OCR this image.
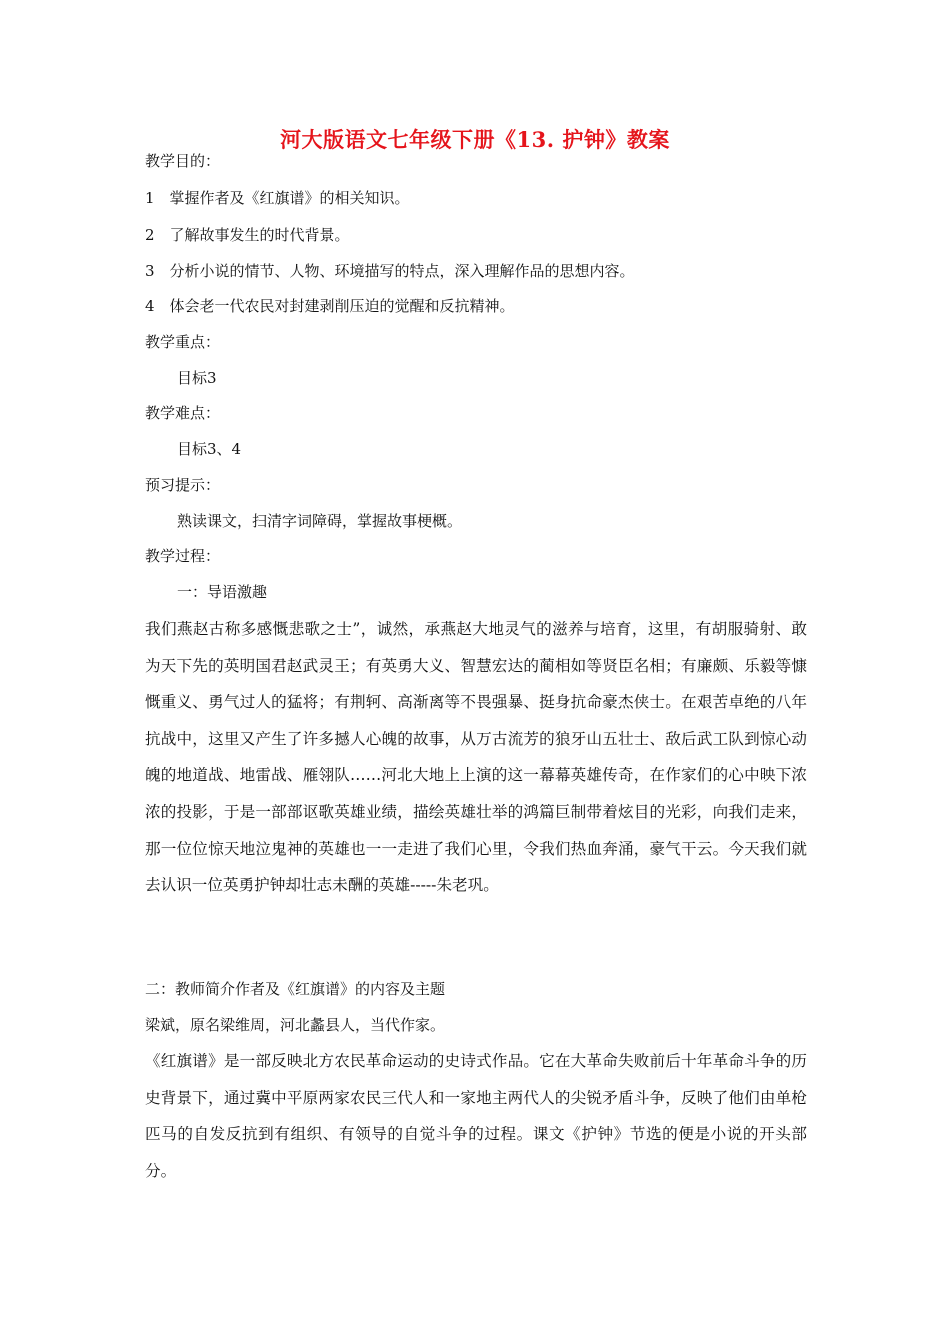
河大版语文七年级下册《13. 护钟》教案
教学目的：
1　掌握作者及《红旗谱》的相关知识。
2　了解故事发生的时代背景。
3　分析小说的情节、人物、环境描写的特点，深入理解作品的思想内容。
4　体会老一代农民对封建剥削压迫的觉醒和反抗精神。
教学重点：
目标3
教学难点：
目标3、4
预习提示：
熟读课文，扫清字词障碍，掌握故事梗概。
教学过程：
一：导语激趣

我们燕赵古称多感慨悲歌之士”，诚然，承燕赵大地灵气的滋养与培育，这里，有胡服骑射、敢为天下先的英明国君赵武灵王；有英勇大义、智慧宏达的蔺相如等贤臣名相；有廉颇、乐毅等慷慨重义、勇气过人的猛将；有荆轲、高渐离等不畏强暴、挺身抗命豪杰侠士。在艰苦卓绝的八年抗战中，这里又产生了许多撼人心魄的故事，从万古流芳的狼牙山五壮士、敌后武工队到惊心动魄的地道战、地雷战、雁翎队……河北大地上上演的这一幕幕英雄传奇，在作家们的心中映下浓浓的投影，于是一部部讴歌英雄业绩，描绘英雄壮举的鸿篇巨制带着炫目的光彩，向我们走来，那一位位惊天地泣鬼神的英雄也一一走进了我们心里，令我们热血奔涌，豪气干云。今天我们就去认识一位英勇护钟却壮志未酬的英雄-----朱老巩。

二：教师简介作者及《红旗谱》的内容及主题
梁斌，原名梁维周，河北蠡县人，当代作家。

《红旗谱》是一部反映北方农民革命运动的史诗式作品。它在大革命失败前后十年革命斗争的历史背景下，通过冀中平原两家农民三代人和一家地主两代人的尖锐矛盾斗争，反映了他们由单枪匹马的自发反抗到有组织、有领导的自觉斗争的过程。课文《护钟》节选的便是小说的开头部分。
